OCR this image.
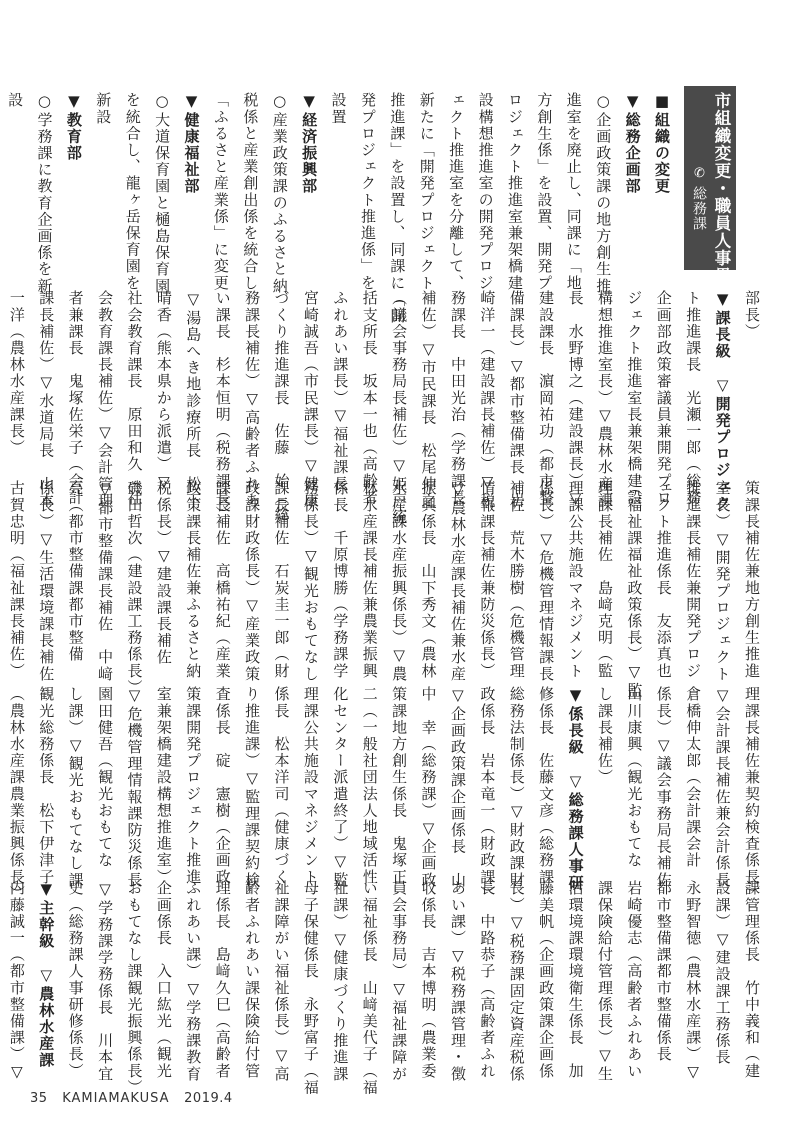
市組織変更・職員人事異動
✆総務課
35 KAMIAMAKUSA 2019.4
■組織の変更
▼総務企画部
○企画政策課の地方創生推
進室を廃止し、同課に「地
方創生係」を設置、開発プ
ロジェクト推進室兼架橋建
設構想推進室の開発プロジ
ェクト推進室を分離して、
新たに「開発プロジェクト
推進課」を設置し、同課に「開
発プロジェクト推進係」を
設置
▼経済振興部
○産業政策課のふるさと納
税係と産業創出係を統合し
「ふるさと産業係」に変更
▼健康福祉部
○大道保育園と樋島保育園
を統合し、龍ヶ岳保育園を
新設
▼教育部
○学務課に教育企画係を新
設
部長）
▼課長級　▽開発プロジェク
ト推進課長　光瀬一郎（総務
企画部政策審議員兼開発プロ
ジェクト推進室長兼架橋建設
構想推進室長）▽農林水産課
長　水野博之（建設課長）▽
建設課長　濵岡祐功（都市整
備課長）▽都市整備課長　岩
崎洋一（建設課長補佐）▽税
務課長　中田光治（学務課長
補佐）▽市民課長　松尾伸之
（議会事務局長補佐）▽姫戸統
括支所長　坂本一也（高齢者
ふれあい課長）▽福祉課長
宮崎誠吾（市民課長）▽健康
づくり推進課長　佐藤　始（総
務課長補佐）▽高齢者ふれあ
い課長　杉本恒明（税務課長）
▽湯島へき地診療所長　松下
晴香（熊本県から派遣）▽
社会教育課長　原田和久（社
会教育課長補佐）▽会計管理
者兼課長　鬼塚佐栄子（会計
課長補佐）▽水道局長　山本
一洋（農林水産課長）
策課長補佐兼地方創生推進
室長）▽開発プロジェクト
推進課長補佐兼開発プロジ
ェクト推進係長　友添真也
（福祉課福祉政策係長）▽監
理課長補佐　島﨑克明（監
理課公共施設マネジメント
係長）▽危機管理情報課長
補佐　荒木勝樹（危機管理
情報課長補佐兼防災係長）
▽農林水産課長補佐兼水産
振興係長　山下秀文（農林
水産課水産振興係長）▽農
林水産課長補佐兼農業振興
係長　千原博勝（学務課学
務係長）▽観光おもてなし
課長補佐　石炭圭一郎（財
政課財政係長）▽産業政策
課長補佐　高橋祐紀（産業
政策課長補佐兼ふるさと納
税係長）▽建設課長補佐
磯田哲次（建設課工務係長）
▽都市整備課長補佐　中﨑
亮（都市整備課都市整備
係長）▽生活環境課長補佐
古賀忠明（福祉課長補佐）
理課長補佐兼契約検査係長）
▽会計課長補佐兼会計係長
倉橋伸太郎（会計課会計
係長）▽議会事務局長補佐
山川康興（観光おもてな
し課長補佐）
▼係長級　▽総務課人事研
修係長　佐藤文彦（総務課
総務法制係長）▽財政課財
政係長　岩本竜一（財政課）
▽企画政策課企画係長　山
中　幸（総務課）▽企画政
策課地方創生係長　鬼塚正
二（一般社団法人地域活性
化センター派遣終了）▽監
理課公共施設マネジメント
係長　松本洋司（健康づく
り推進課）▽監理課契約検
査係長　碇　憲樹（企画政
策課開発プロジェクト推進
室兼架橋建設構想推進室）
▽危機管理情報課防災係長
園田健吾（観光おもてな
し課）▽観光おもてなし課
観光総務係長　松下伊津子
（農林水産課農業振興係長）
課管理係長　竹中義和（建
設課）▽建設課工務係長
永野智徳（農林水産課）▽
都市整備課都市整備係長
岩崎優志（高齢者ふれあい
課保険給付管理係長）▽生
活環境課環境衛生係長　加
藤美帆（企画政策課企画係
長）▽税務課固定資産税係
長　中路恭子（高齢者ふれ
あい課）▽税務課管理・徴
収係長　吉本博明（農業委
員会事務局）▽福祉課障が
い福祉係長　山﨑美代子（福
祉課）▽健康づくり推進課
母子保健係長　永野富子（福
祉課障がい福祉係長）▽高
齢者ふれあい課保険給付管
理係長　島﨑久巳（高齢者
ふれあい課）▽学務課教育
企画係長　入口紘光（観光
おもてなし課観光振興係長）
▽学務課学務係長　川本宜
史（総務課人事研修係長）
▼主幹級　▽農林水産課
内藤誠一（都市整備課）▽
